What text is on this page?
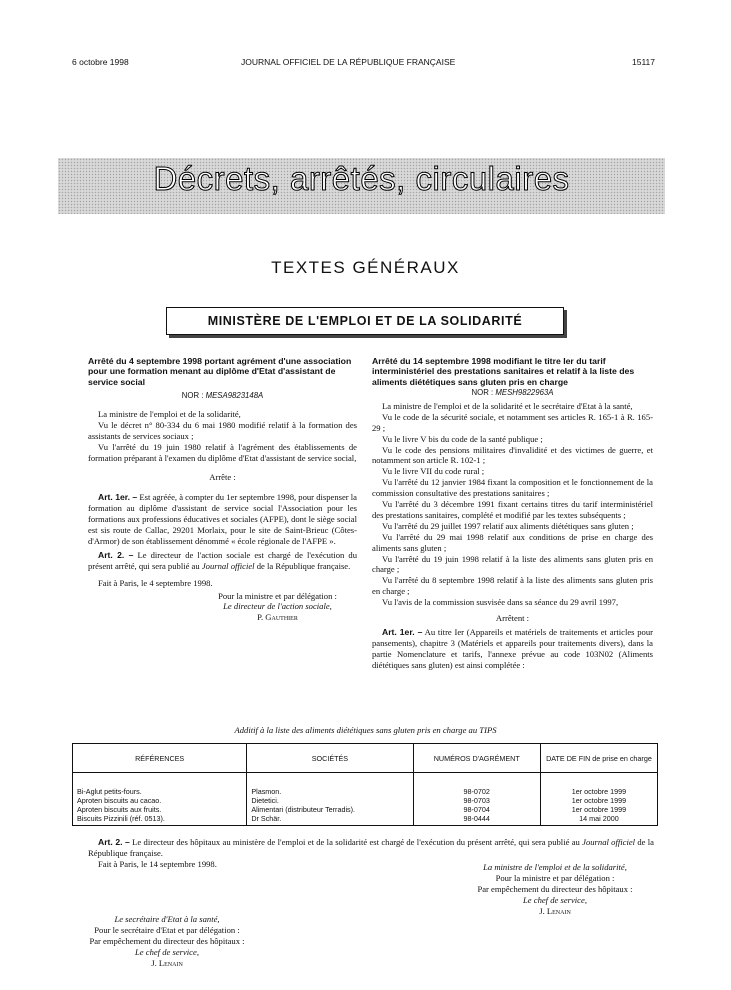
6 octobre 1998	JOURNAL OFFICIEL DE LA RÉPUBLIQUE FRANÇAISE	15117
Décrets, arrêtés, circulaires
TEXTES GÉNÉRAUX
MINISTÈRE DE L'EMPLOI ET DE LA SOLIDARITÉ

Arrêté du 4 septembre 1998 portant agrément d'une association pour une formation menant au diplôme d'Etat d'assistant de service social

NOR : MESA9823148A

La ministre de l'emploi et de la solidarité,

Vu le décret n° 80-334 du 6 mai 1980 modifié relatif à la formation des assistants de services sociaux ;

Vu l'arrêté du 19 juin 1980 relatif à l'agrément des établissements de formation préparant à l'examen du diplôme d'Etat d'assistant de service social,

Arrête :

Art. 1er. – Est agréée, à compter du 1er septembre 1998, pour dispenser la formation au diplôme d'assistant de service social l'Association pour les formations aux professions éducatives et sociales (AFPE), dont le siège social est sis route de Callac, 29201 Morlaix, pour le site de Saint-Brieuc (Côtes-d'Armor) de son établissement dénommé « école régionale de l'AFPE ».

Art. 2. – Le directeur de l'action sociale est chargé de l'exécution du présent arrêté, qui sera publié au Journal officiel de la République française.

Fait à Paris, le 4 septembre 1998.

Pour la ministre et par délégation :
Le directeur de l'action sociale,
P. Gauthier

Arrêté du 14 septembre 1998 modifiant le titre Ier du tarif interministériel des prestations sanitaires et relatif à la liste des aliments diététiques sans gluten pris en charge

NOR : MESH9822963A

La ministre de l'emploi et de la solidarité et le secrétaire d'Etat à la santé,

Vu le code de la sécurité sociale, et notamment ses articles R. 165-1 à R. 165-29 ;

Vu le livre V bis du code de la santé publique ;

Vu le code des pensions militaires d'invalidité et des victimes de guerre, et notamment son article R. 102-1 ;

Vu le livre VII du code rural ;

Vu l'arrêté du 12 janvier 1984 fixant la composition et le fonctionnement de la commission consultative des prestations sanitaires ;

Vu l'arrêté du 3 décembre 1991 fixant certains titres du tarif interministériel des prestations sanitaires, complété et modifié par les textes subséquents ;

Vu l'arrêté du 29 juillet 1997 relatif aux aliments diététiques sans gluten ;

Vu l'arrêté du 29 mai 1998 relatif aux conditions de prise en charge des aliments sans gluten ;

Vu l'arrêté du 19 juin 1998 relatif à la liste des aliments sans gluten pris en charge ;

Vu l'arrêté du 8 septembre 1998 relatif à la liste des aliments sans gluten pris en charge ;

Vu l'avis de la commission susvisée dans sa séance du 29 avril 1997,

Arrêtent :

Art. 1er. – Au titre Ier (Appareils et matériels de traitements et articles pour pansements), chapitre 3 (Matériels et appareils pour traitements divers), dans la partie Nomenclature et tarifs, l'annexe prévue au code 103N02 (Aliments diététiques sans gluten) est ainsi complétée :

Additif à la liste des aliments diététiques sans gluten pris en charge au TIPS
RÉFÉRENCES	SOCIÉTÉS	NUMÉROS D'AGRÉMENT	DATE DE FIN de prise en charge

Bi-Aglut petits-fours.	Plasmon.	98-0702	1er octobre 1999
Aproten biscuits au cacao.	Dietetici.	98-0703	1er octobre 1999
Aproten biscuits aux fruits.	Alimentari (distributeur Terradis).	98-0704	1er octobre 1999
Biscuits Pizzinili (réf. 0513).	Dr Schär.	98-0444	14 mai 2000

Art. 2. – Le directeur des hôpitaux au ministère de l'emploi et de la solidarité est chargé de l'exécution du présent arrêté, qui sera publié au Journal officiel de la République française.

Fait à Paris, le 14 septembre 1998.	La ministre de l'emploi et de la solidarité,
Pour la ministre et par délégation :
Par empêchement du directeur des hôpitaux :
Le chef de service,
J. Lenain
Le secrétaire d'Etat à la santé,
Pour le secrétaire d'Etat et par délégation :
Par empêchement du directeur des hôpitaux :
Le chef de service,
J. Lenain
